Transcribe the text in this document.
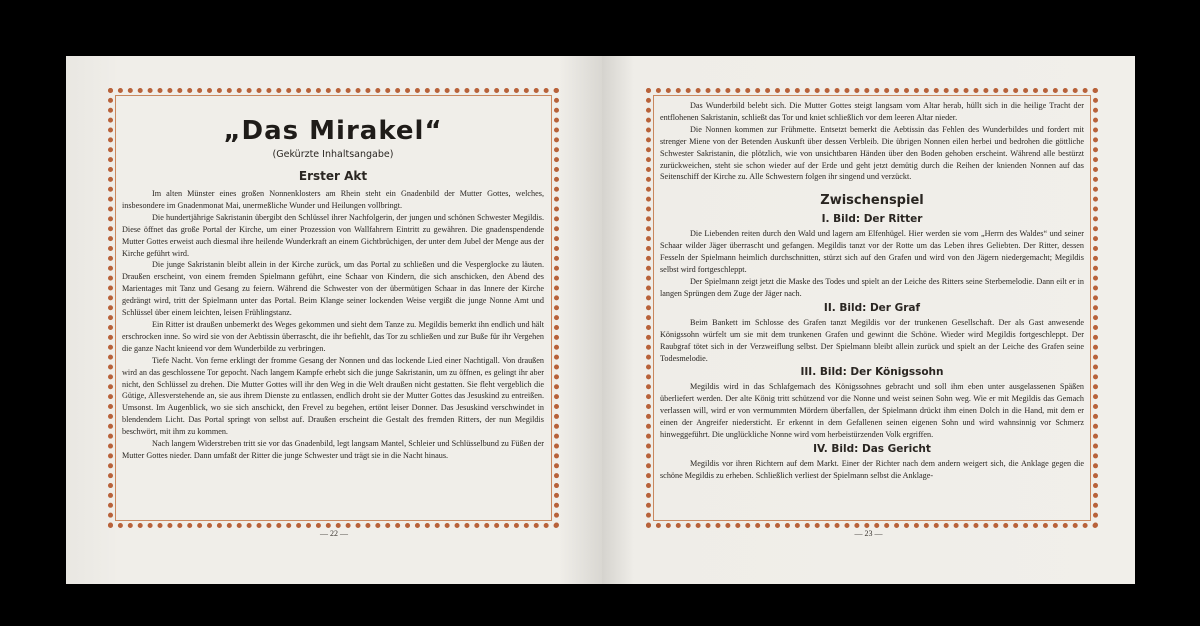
„Das Mirakel“
(Gekürzte Inhaltsangabe)
Erster Akt

Im alten Münster eines großen Nonnenklosters am Rhein steht ein Gnadenbild der Mutter Gottes, welches, insbesondere im Gnadenmonat Mai, unermeßliche Wunder und Heilungen vollbringt.

Die hundertjährige Sakristanin übergibt den Schlüssel ihrer Nachfolgerin, der jungen und schönen Schwester Megildis. Diese öffnet das große Portal der Kirche, um einer Prozession von Wallfahrern Eintritt zu gewähren. Die gnadenspendende Mutter Gottes erweist auch diesmal ihre heilende Wunderkraft an einem Gichtbrüchigen, der unter dem Jubel der Menge aus der Kirche geführt wird.

Die junge Sakristanin bleibt allein in der Kirche zurück, um das Portal zu schließen und die Vesperglocke zu läuten. Draußen erscheint, von einem fremden Spielmann geführt, eine Schaar von Kindern, die sich anschicken, den Abend des Marientages mit Tanz und Gesang zu feiern. Während die Schwester von der übermütigen Schaar in das Innere der Kirche gedrängt wird, tritt der Spielmann unter das Portal. Beim Klange seiner lockenden Weise vergißt die junge Nonne Amt und Schlüssel über einem leichten, leisen Frühlingstanz.

Ein Ritter ist draußen unbemerkt des Weges gekommen und sieht dem Tanze zu. Megildis bemerkt ihn endlich und hält erschrocken inne. So wird sie von der Aebtissin überrascht, die ihr befiehlt, das Tor zu schließen und zur Buße für ihr Vergehen die ganze Nacht knieend vor dem Wunderbilde zu verbringen.

Tiefe Nacht. Von ferne erklingt der fromme Gesang der Nonnen und das lockende Lied einer Nachtigall. Von draußen wird an das geschlossene Tor gepocht. Nach langem Kampfe erhebt sich die junge Sakristanin, um zu öffnen, es gelingt ihr aber nicht, den Schlüssel zu drehen. Die Mutter Gottes will ihr den Weg in die Welt draußen nicht gestatten. Sie fleht vergeblich die Gütige, Allesverstehende an, sie aus ihrem Dienste zu entlassen, endlich droht sie der Mutter Gottes das Jesuskind zu entreißen. Umsonst. Im Augenblick, wo sie sich anschickt, den Frevel zu begehen, ertönt leiser Donner. Das Jesuskind verschwindet in blendendem Licht. Das Portal springt von selbst auf. Draußen erscheint die Gestalt des fremden Ritters, der nun Megildis beschwört, mit ihm zu kommen.

Nach langem Widerstreben tritt sie vor das Gnadenbild, legt langsam Mantel, Schleier und Schlüsselbund zu Füßen der Mutter Gottes nieder. Dann umfaßt der Ritter die junge Schwester und trägt sie in die Nacht hinaus.

— 22 —

Das Wunderbild belebt sich. Die Mutter Gottes steigt langsam vom Altar herab, hüllt sich in die heilige Tracht der entflohenen Sakristanin, schließt das Tor und kniet schließlich vor dem leeren Altar nieder.

Die Nonnen kommen zur Frühmette. Entsetzt bemerkt die Aebtissin das Fehlen des Wunderbildes und fordert mit strenger Miene von der Betenden Auskunft über dessen Verbleib. Die übrigen Nonnen eilen herbei und bedrohen die göttliche Schwester Sakristanin, die plötzlich, wie von unsichtbaren Händen über den Boden gehoben erscheint. Während alle bestürzt zurückweichen, steht sie schon wieder auf der Erde und geht jetzt demütig durch die Reihen der knienden Nonnen auf das Seitenschiff der Kirche zu. Alle Schwestern folgen ihr singend und verzückt.

Zwischenspiel
I. Bild: Der Ritter

Die Liebenden reiten durch den Wald und lagern am Elfenhügel. Hier werden sie vom „Herrn des Waldes“ und seiner Schaar wilder Jäger überrascht und gefangen. Megildis tanzt vor der Rotte um das Leben ihres Geliebten. Der Ritter, dessen Fesseln der Spielmann heimlich durchschnitten, stürzt sich auf den Grafen und wird von den Jägern niedergemacht; Megildis selbst wird fortgeschleppt.

Der Spielmann zeigt jetzt die Maske des Todes und spielt an der Leiche des Ritters seine Sterbemelodie. Dann eilt er in langen Sprüngen dem Zuge der Jäger nach.

II. Bild: Der Graf

Beim Bankett im Schlosse des Grafen tanzt Megildis vor der trunkenen Gesellschaft. Der als Gast anwesende Königssohn würfelt um sie mit dem trunkenen Grafen und gewinnt die Schöne. Wieder wird Megildis fortgeschleppt. Der Raubgraf tötet sich in der Verzweiflung selbst. Der Spielmann bleibt allein zurück und spielt an der Leiche des Grafen seine Todesmelodie.

III. Bild: Der Königssohn

Megildis wird in das Schlafgemach des Königssohnes gebracht und soll ihm eben unter ausgelassenen Späßen überliefert werden. Der alte König tritt schützend vor die Nonne und weist seinen Sohn weg. Wie er mit Megildis das Gemach verlassen will, wird er von vermummten Mördern überfallen, der Spielmann drückt ihm einen Dolch in die Hand, mit dem er einen der Angreifer niedersticht. Er erkennt in dem Gefallenen seinen eigenen Sohn und wird wahnsinnig vor Schmerz hinweggeführt. Die unglückliche Nonne wird vom herbeistürzenden Volk ergriffen.

IV. Bild: Das Gericht

Megildis vor ihren Richtern auf dem Markt. Einer der Richter nach dem andern weigert sich, die Anklage gegen die schöne Megildis zu erheben. Schließlich verliest der Spielmann selbst die Anklage-

— 23 —
